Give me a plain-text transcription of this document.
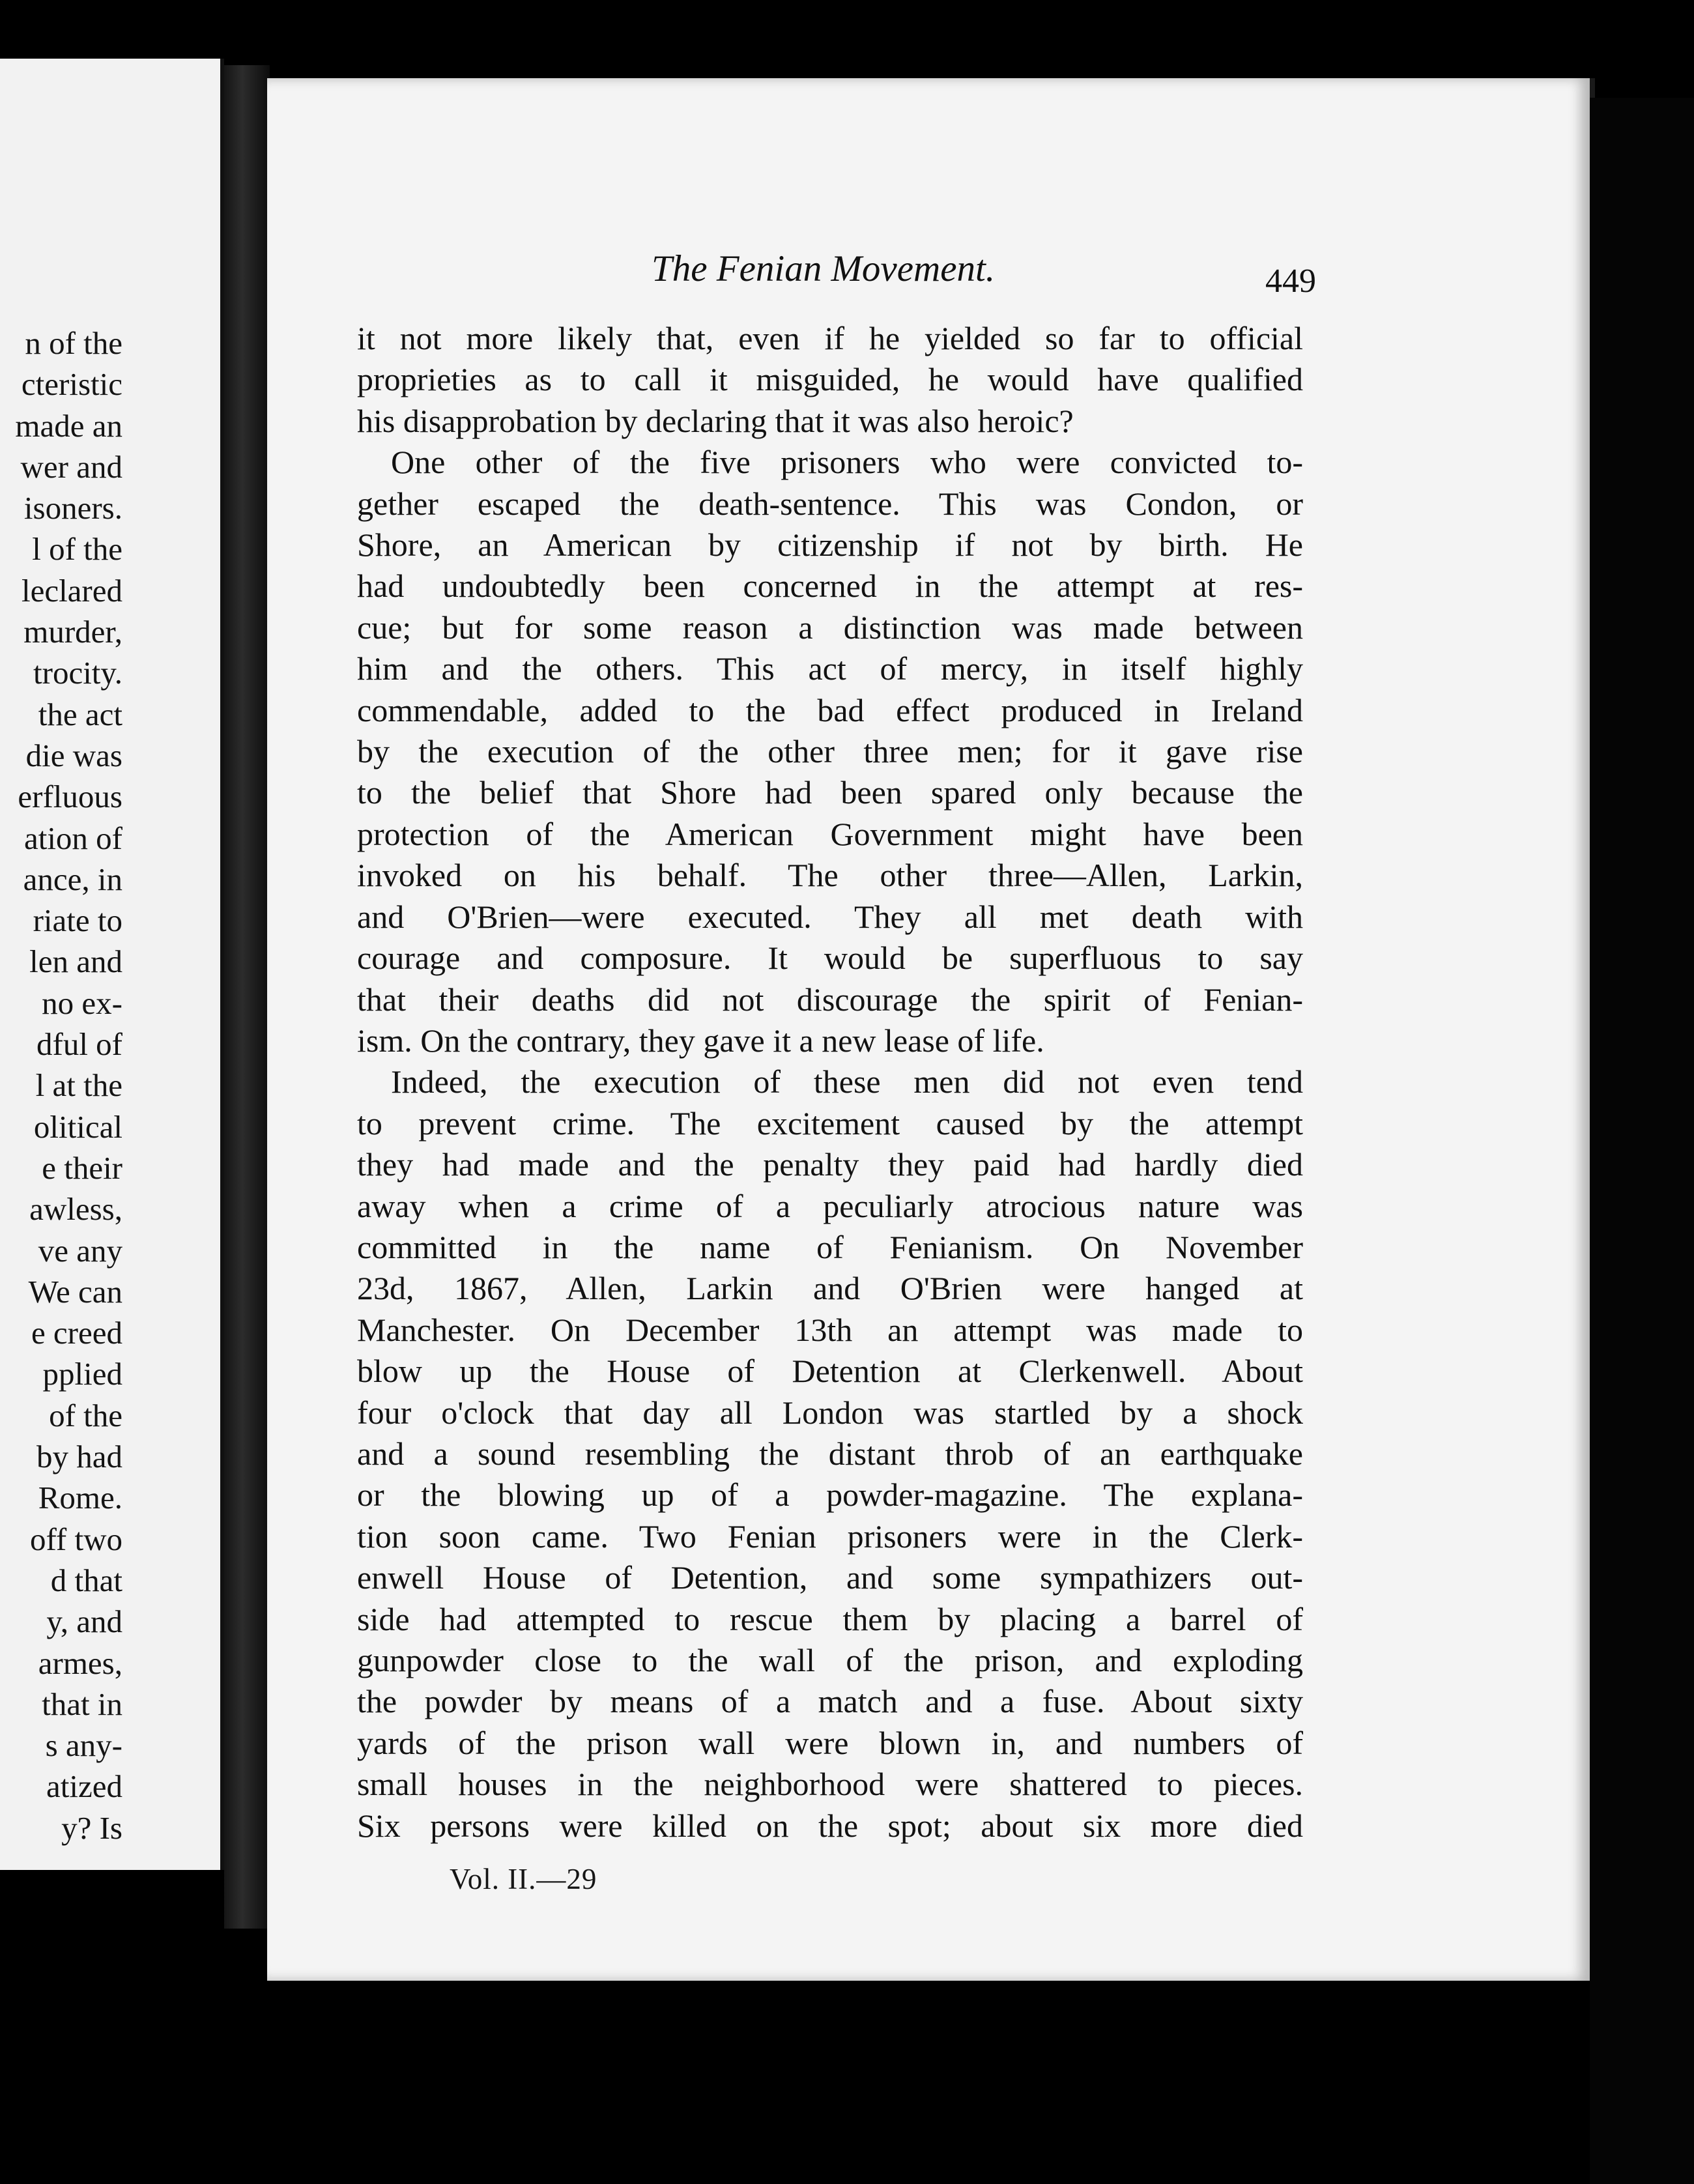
n of the
cteristic
made an
wer and
isoners.
l of the
leclared
murder,
trocity.
the act
die was
erfluous
ation of
ance, in
riate to
len and
no ex-
dful of
l at the
olitical
e their
awless,
ve any
We can
e creed
pplied
of the
by had
Rome.
off two
d that
y, and
armes,
that in
s any-
atized
y? Is
The Fenian Movement.	449
it not more likely that, even if he yielded so far to official
proprieties as to call it misguided, he would have qualified
his disapprobation by declaring that it was also heroic?
One other of the five prisoners who were convicted to-
gether escaped the death-sentence. This was Condon, or
Shore, an American by citizenship if not by birth. He
had undoubtedly been concerned in the attempt at res-
cue; but for some reason a distinction was made between
him and the others. This act of mercy, in itself highly
commendable, added to the bad effect produced in Ireland
by the execution of the other three men; for it gave rise
to the belief that Shore had been spared only because the
protection of the American Government might have been
invoked on his behalf. The other three—Allen, Larkin,
and O'Brien—were executed. They all met death with
courage and composure. It would be superfluous to say
that their deaths did not discourage the spirit of Fenian-
ism. On the contrary, they gave it a new lease of life.
Indeed, the execution of these men did not even tend
to prevent crime. The excitement caused by the attempt
they had made and the penalty they paid had hardly died
away when a crime of a peculiarly atrocious nature was
committed in the name of Fenianism. On November
23d, 1867, Allen, Larkin and O'Brien were hanged at
Manchester. On December 13th an attempt was made to
blow up the House of Detention at Clerkenwell. About
four o'clock that day all London was startled by a shock
and a sound resembling the distant throb of an earthquake
or the blowing up of a powder-magazine. The explana-
tion soon came. Two Fenian prisoners were in the Clerk-
enwell House of Detention, and some sympathizers out-
side had attempted to rescue them by placing a barrel of
gunpowder close to the wall of the prison, and exploding
the powder by means of a match and a fuse. About sixty
yards of the prison wall were blown in, and numbers of
small houses in the neighborhood were shattered to pieces.
Six persons were killed on the spot; about six more died
Vol. II.—29
